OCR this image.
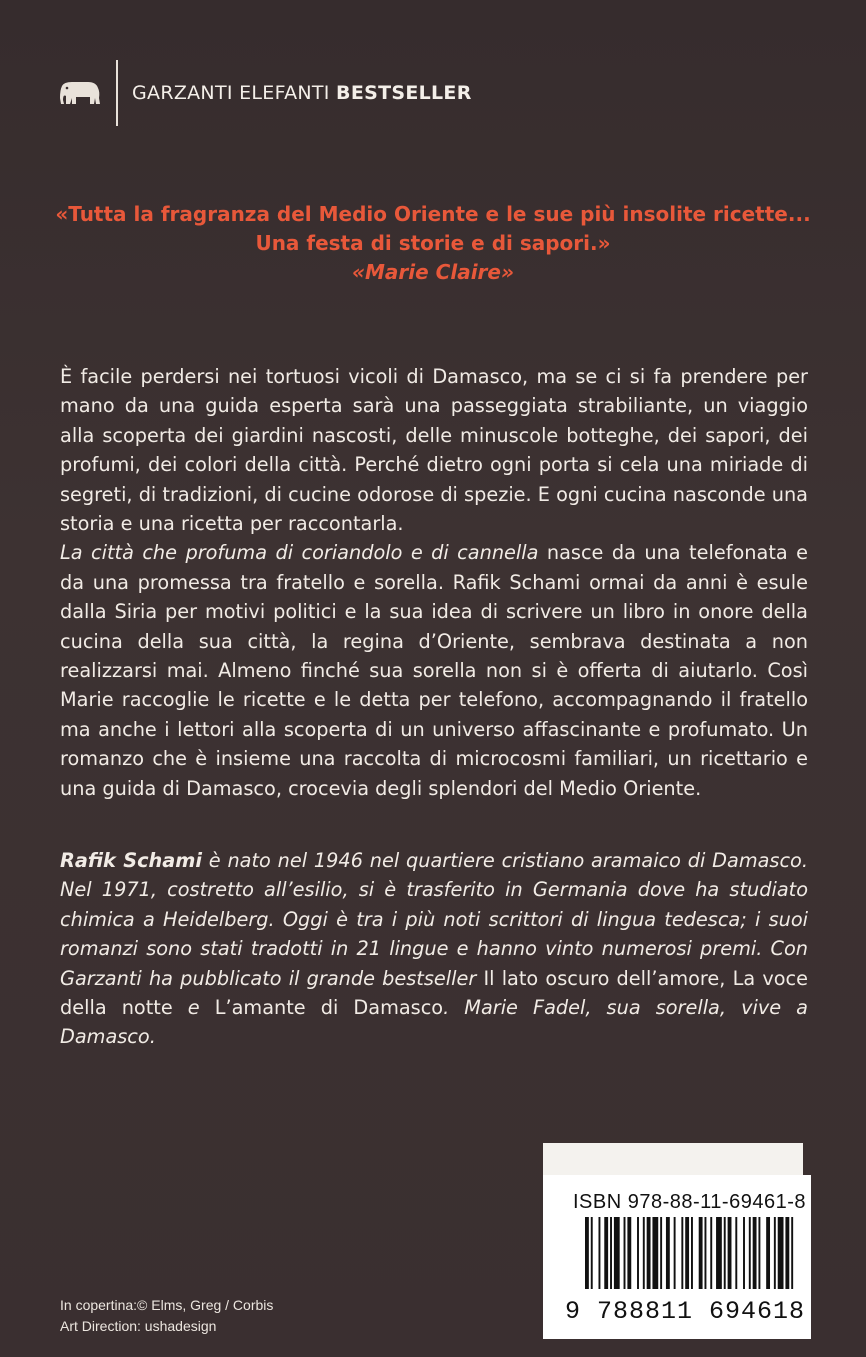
GARZANTI ELEFANTI BESTSELLER
«Tutta la fragranza del Medio Oriente e le sue più insolite ricette...
Una festa di storie e di sapori.»
«Marie Claire»

È facile perdersi nei tortuosi vicoli di Damasco, ma se ci si fa prendere per mano da una guida esperta sarà una passeggiata strabiliante, un viaggio alla scoperta dei giardini nascosti, delle minuscole botteghe, dei sapori, dei profumi, dei colori della città. Perché dietro ogni porta si cela una miriade di segreti, di tradizioni, di cucine odorose di spezie. E ogni cucina nasconde una storia e una ricetta per raccontarla.

La città che profuma di coriandolo e di cannella nasce da una telefonata e da una promessa tra fratello e sorella. Rafik Schami ormai da anni è esule dalla Siria per motivi politici e la sua idea di scrivere un libro in onore della cucina della sua città, la regina d’Oriente, sembrava destinata a non realizzarsi mai. Almeno finché sua sorella non si è offerta di aiutarlo. Così Marie raccoglie le ricette e le detta per telefono, accompagnando il fratello ma anche i lettori alla scoperta di un universo affascinante e profumato. Un romanzo che è insieme una raccolta di microcosmi familiari, un ricettario e una guida di Damasco, crocevia degli splendori del Medio Oriente.

Rafik Schami è nato nel 1946 nel quartiere cristiano aramaico di Damasco. Nel 1971, costretto all’esilio, si è trasferito in Germania dove ha studiato chimica a Heidelberg. Oggi è tra i più noti scrittori di lingua tedesca; i suoi romanzi sono stati tradotti in 21 lingue e hanno vinto numerosi premi. Con Garzanti ha pubblicato il grande bestseller Il lato oscuro dell’amore, La voce della notte e L’amante di Damasco. Marie Fadel, sua sorella, vive a Damasco.
ISBN 978-88-11-69461-8
9 788811 694618
In copertina:© Elms, Greg / Corbis
Art Direction: ushadesign
